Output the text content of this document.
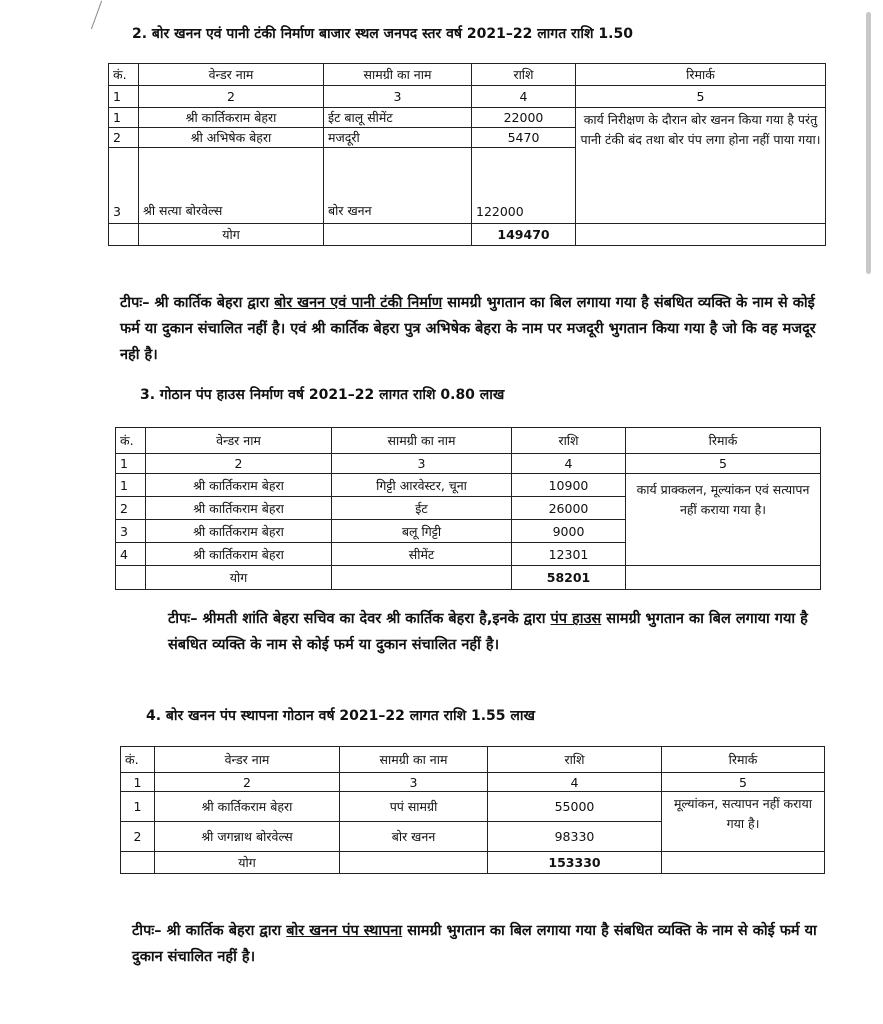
2. बोर खनन एवं पानी टंकी निर्माण बाजार स्थल जनपद स्तर वर्ष 2021–22 लागत राशि 1.50
कं.	वेन्डर नाम	सामग्री का नाम	राशि	रिमार्क
1	2	3	4	5
1	श्री कार्तिकराम बेहरा	ईट बालू सीमेंट	22000	कार्य निरीक्षण के दौरान बोर खनन किया गया है परंतु पानी टंकी बंद तथा बोर पंप लगा होना नहीं पाया गया।
2	श्री अभिषेक बेहरा	मजदूरी	5470	
3	श्री सत्या बोरवेल्स	बोर खनन	122000	
	योग		149470	
टीपः– श्री कार्तिक बेहरा द्वारा बोर खनन एवं पानी टंकी निर्माण सामग्री भुगतान का बिल लगाया गया है संबधित व्यक्ति के नाम से कोई फर्म या दुकान संचालित नहीं है। एवं श्री कार्तिक बेहरा पुत्र अभिषेक बेहरा के नाम पर मजदूरी भुगतान किया गया है जो कि वह मजदूर नही है।
3. गोठान पंप हाउस निर्माण वर्ष 2021–22 लागत राशि 0.80 लाख
कं.	वेन्डर नाम	सामग्री का नाम	राशि	रिमार्क
1	2	3	4	5
1	श्री कार्तिकराम बेहरा	गिट्टी आरवेस्टर, चूना	10900	कार्य प्राक्कलन, मूल्यांकन एवं सत्यापन नहीं कराया गया है।
2	श्री कार्तिकराम बेहरा	ईट	26000	
3	श्री कार्तिकराम बेहरा	बलू गिट्टी	9000	
4	श्री कार्तिकराम बेहरा	सीमेंट	12301	
	योग		58201	
टीपः– श्रीमती शांति बेहरा सचिव का देवर श्री कार्तिक बेहरा है,इनके द्वारा पंप हाउस सामग्री भुगतान का बिल लगाया गया है संबधित व्यक्ति के नाम से कोई फर्म या दुकान संचालित नहीं है।
4. बोर खनन पंप स्थापना गोठान वर्ष 2021–22 लागत राशि 1.55 लाख
कं.	वेन्डर नाम	सामग्री का नाम	राशि	रिमार्क
1	2	3	4	5
1	श्री कार्तिकराम बेहरा	पपं सामग्री	55000	मूल्यांकन, सत्यापन नहीं कराया गया है।
2	श्री जगन्नाथ बोरवेल्स	बोर खनन	98330	
	योग		153330	
टीपः– श्री कार्तिक बेहरा द्वारा बोर खनन पंप स्थापना सामग्री भुगतान का बिल लगाया गया है संबधित व्यक्ति के नाम से कोई फर्म या दुकान संचालित नहीं है।
